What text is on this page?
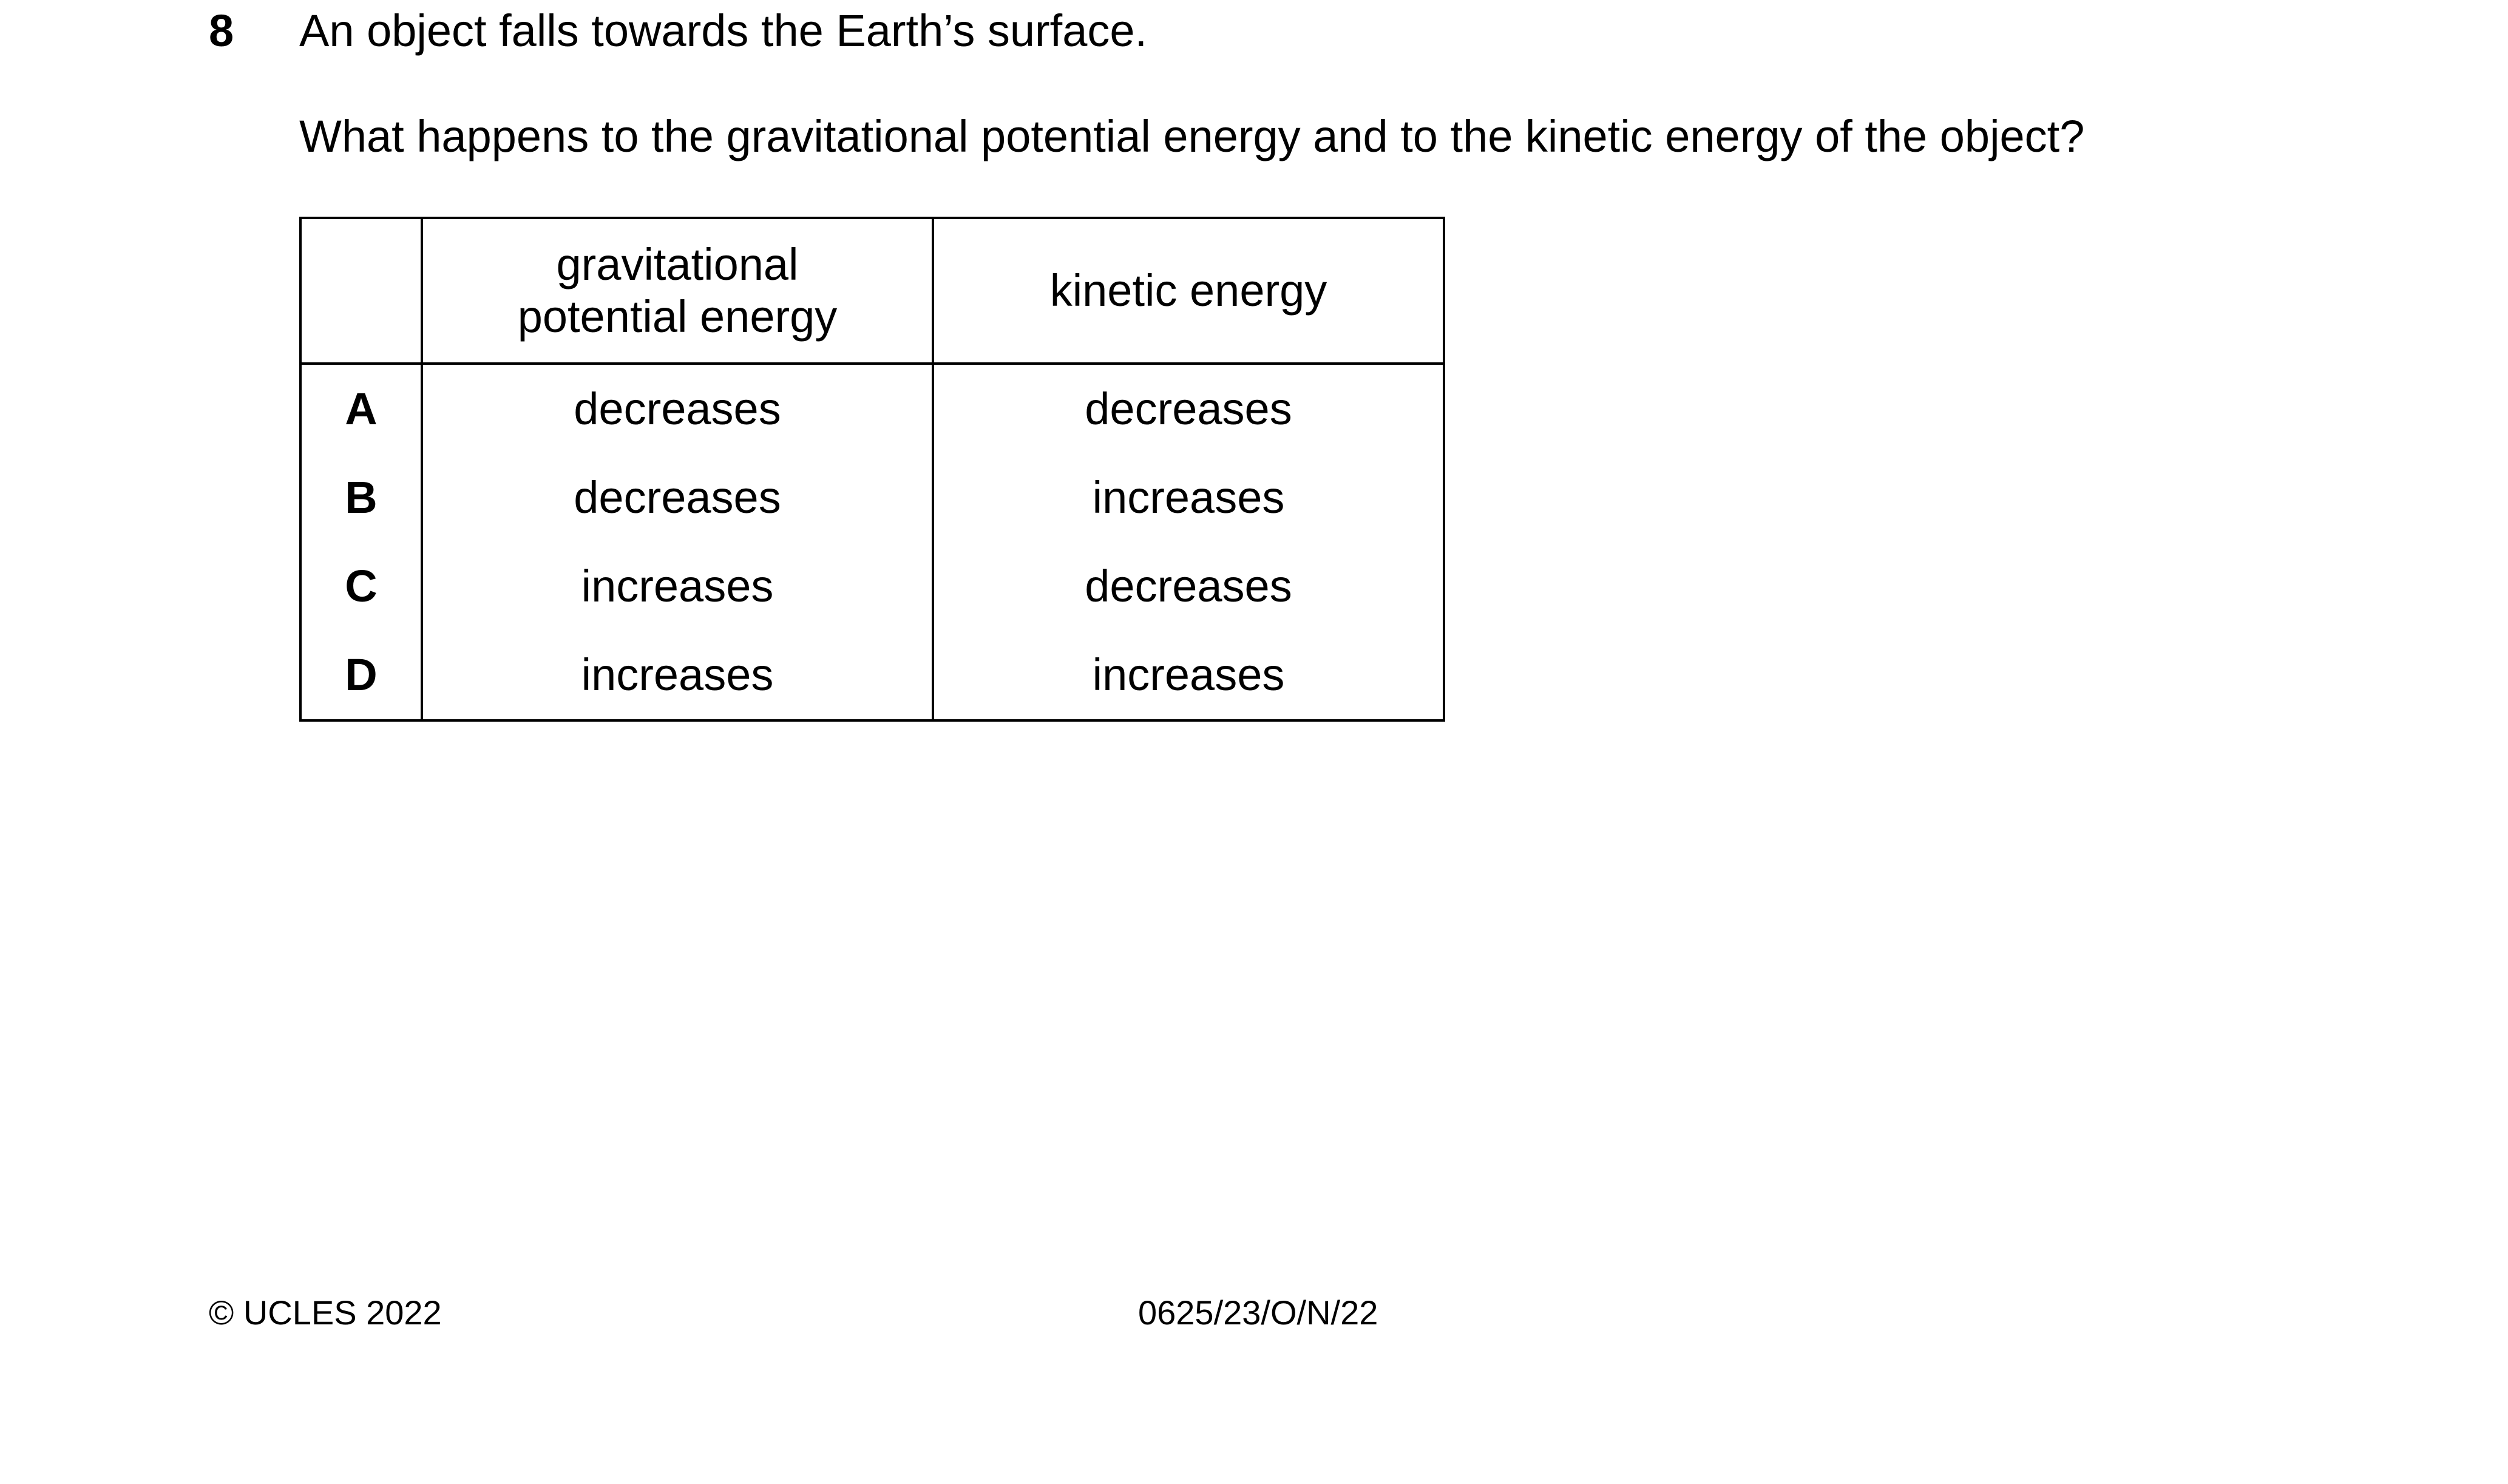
8 An object falls towards the Earth’s surface.
What happens to the gravitational potential energy and to the kinetic energy of the object?
	gravitational potential energy	kinetic energy
A	decreases	decreases
B	decreases	increases
C	increases	decreases
D	increases	increases
© UCLES 2022	0625/23/O/N/22
